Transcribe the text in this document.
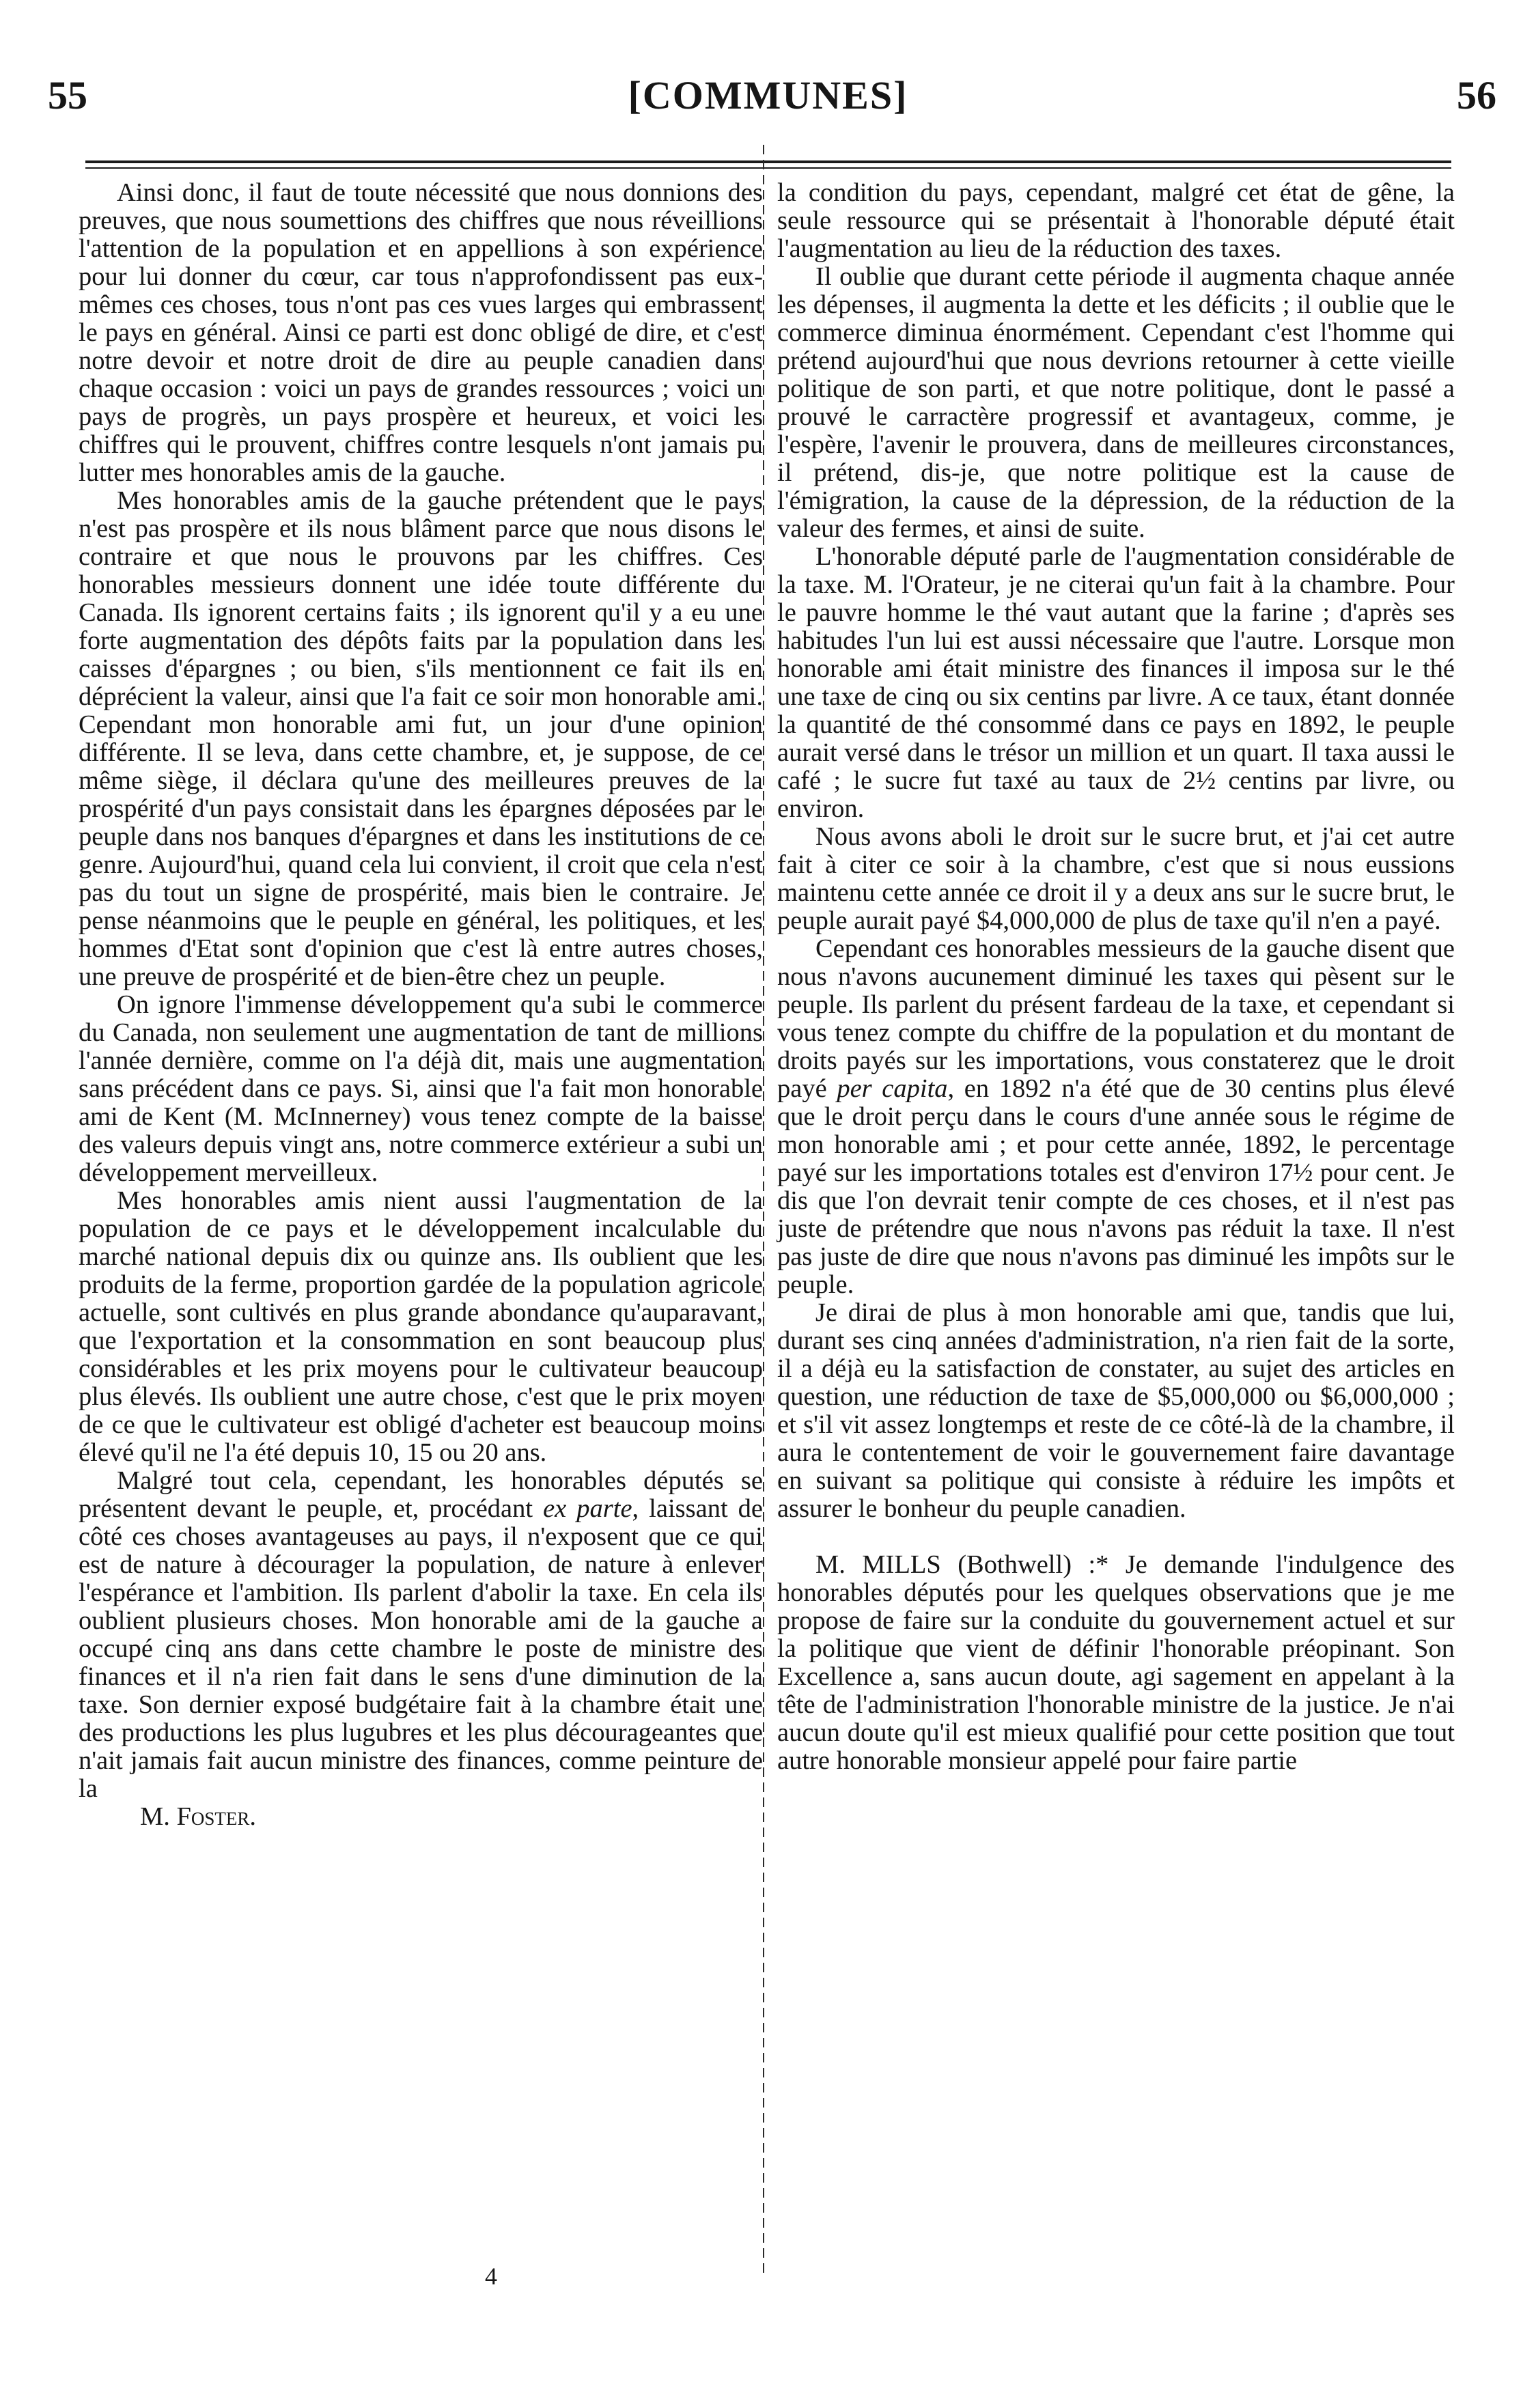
55	[COMMUNES]	56

Ainsi donc, il faut de toute nécessité que nous donnions des preuves, que nous soumettions des chiffres que nous réveillions l'attention de la population et en appellions à son expérience pour lui donner du cœur, car tous n'approfondissent pas eux-mêmes ces choses, tous n'ont pas ces vues larges qui embrassent le pays en général. Ainsi ce parti est donc obligé de dire, et c'est notre devoir et notre droit de dire au peuple canadien dans chaque occasion : voici un pays de grandes ressources ; voici un pays de progrès, un pays prospère et heureux, et voici les chiffres qui le prouvent, chiffres contre lesquels n'ont jamais pu lutter mes honorables amis de la gauche.

Mes honorables amis de la gauche prétendent que le pays n'est pas prospère et ils nous blâment parce que nous disons le contraire et que nous le prouvons par les chiffres. Ces honorables messieurs donnent une idée toute différente du Canada. Ils ignorent certains faits ; ils ignorent qu'il y a eu une forte augmentation des dépôts faits par la population dans les caisses d'épargnes ; ou bien, s'ils mentionnent ce fait ils en déprécient la valeur, ainsi que l'a fait ce soir mon honorable ami. Cependant mon honorable ami fut, un jour d'une opinion différente. Il se leva, dans cette chambre, et, je suppose, de ce même siège, il déclara qu'une des meilleures preuves de la prospérité d'un pays consistait dans les épargnes déposées par le peuple dans nos banques d'épargnes et dans les institutions de ce genre. Aujourd'hui, quand cela lui convient, il croit que cela n'est pas du tout un signe de prospérité, mais bien le contraire. Je pense néanmoins que le peuple en général, les politiques, et les hommes d'Etat sont d'opinion que c'est là entre autres choses, une preuve de prospérité et de bien-être chez un peuple.

On ignore l'immense développement qu'a subi le commerce du Canada, non seulement une augmentation de tant de millions l'année dernière, comme on l'a déjà dit, mais une augmentation sans précédent dans ce pays. Si, ainsi que l'a fait mon honorable ami de Kent (M. McInnerney) vous tenez compte de la baisse des valeurs depuis vingt ans, notre commerce extérieur a subi un développement merveilleux.

Mes honorables amis nient aussi l'augmentation de la population de ce pays et le développement incalculable du marché national depuis dix ou quinze ans. Ils oublient que les produits de la ferme, proportion gardée de la population agricole actuelle, sont cultivés en plus grande abondance qu'auparavant, que l'exportation et la consommation en sont beaucoup plus considérables et les prix moyens pour le cultivateur beaucoup plus élevés. Ils oublient une autre chose, c'est que le prix moyen de ce que le cultivateur est obligé d'acheter est beaucoup moins élevé qu'il ne l'a été depuis 10, 15 ou 20 ans.

Malgré tout cela, cependant, les honorables députés se présentent devant le peuple, et, procédant ex parte, laissant de côté ces choses avantageuses au pays, il n'exposent que ce qui est de nature à décourager la population, de nature à enlever l'espérance et l'ambition. Ils parlent d'abolir la taxe. En cela ils oublient plusieurs choses. Mon honorable ami de la gauche a occupé cinq ans dans cette chambre le poste de ministre des finances et il n'a rien fait dans le sens d'une diminution de la taxe. Son dernier exposé budgétaire fait à la chambre était une des productions les plus lugubres et les plus décourageantes que n'ait jamais fait aucun ministre des finances, comme peinture de la

M. Foster.
4

la condition du pays, cependant, malgré cet état de gêne, la seule ressource qui se présentait à l'honorable député était l'augmentation au lieu de la réduction des taxes.

Il oublie que durant cette période il augmenta chaque année les dépenses, il augmenta la dette et les déficits ; il oublie que le commerce diminua énormément. Cependant c'est l'homme qui prétend aujourd'hui que nous devrions retourner à cette vieille politique de son parti, et que notre politique, dont le passé a prouvé le carractère progressif et avantageux, comme, je l'espère, l'avenir le prouvera, dans de meilleures circonstances, il prétend, dis-je, que notre politique est la cause de l'émigration, la cause de la dépression, de la réduction de la valeur des fermes, et ainsi de suite.

L'honorable député parle de l'augmentation considérable de la taxe. M. l'Orateur, je ne citerai qu'un fait à la chambre. Pour le pauvre homme le thé vaut autant que la farine ; d'après ses habitudes l'un lui est aussi nécessaire que l'autre. Lorsque mon honorable ami était ministre des finances il imposa sur le thé une taxe de cinq ou six centins par livre. A ce taux, étant donnée la quantité de thé consommé dans ce pays en 1892, le peuple aurait versé dans le trésor un million et un quart. Il taxa aussi le café ; le sucre fut taxé au taux de 2½ centins par livre, ou environ.

Nous avons aboli le droit sur le sucre brut, et j'ai cet autre fait à citer ce soir à la chambre, c'est que si nous eussions maintenu cette année ce droit il y a deux ans sur le sucre brut, le peuple aurait payé $4,000,000 de plus de taxe qu'il n'en a payé.

Cependant ces honorables messieurs de la gauche disent que nous n'avons aucunement diminué les taxes qui pèsent sur le peuple. Ils parlent du présent fardeau de la taxe, et cependant si vous tenez compte du chiffre de la population et du montant de droits payés sur les importations, vous constaterez que le droit payé per capita, en 1892 n'a été que de 30 centins plus élevé que le droit perçu dans le cours d'une année sous le régime de mon honorable ami ; et pour cette année, 1892, le percentage payé sur les importations totales est d'environ 17½ pour cent. Je dis que l'on devrait tenir compte de ces choses, et il n'est pas juste de prétendre que nous n'avons pas réduit la taxe. Il n'est pas juste de dire que nous n'avons pas diminué les impôts sur le peuple.

Je dirai de plus à mon honorable ami que, tandis que lui, durant ses cinq années d'administration, n'a rien fait de la sorte, il a déjà eu la satisfaction de constater, au sujet des articles en question, une réduction de taxe de $5,000,000 ou $6,000,000 ; et s'il vit assez longtemps et reste de ce côté-là de la chambre, il aura le contentement de voir le gouvernement faire davantage en suivant sa politique qui consiste à réduire les impôts et assurer le bonheur du peuple canadien.

M. MILLS (Bothwell) :* Je demande l'indulgence des honorables députés pour les quelques observations que je me propose de faire sur la conduite du gouvernement actuel et sur la politique que vient de définir l'honorable préopinant. Son Excellence a, sans aucun doute, agi sagement en appelant à la tête de l'administration l'honorable ministre de la justice. Je n'ai aucun doute qu'il est mieux qualifié pour cette position que tout autre honorable monsieur appelé pour faire partie
